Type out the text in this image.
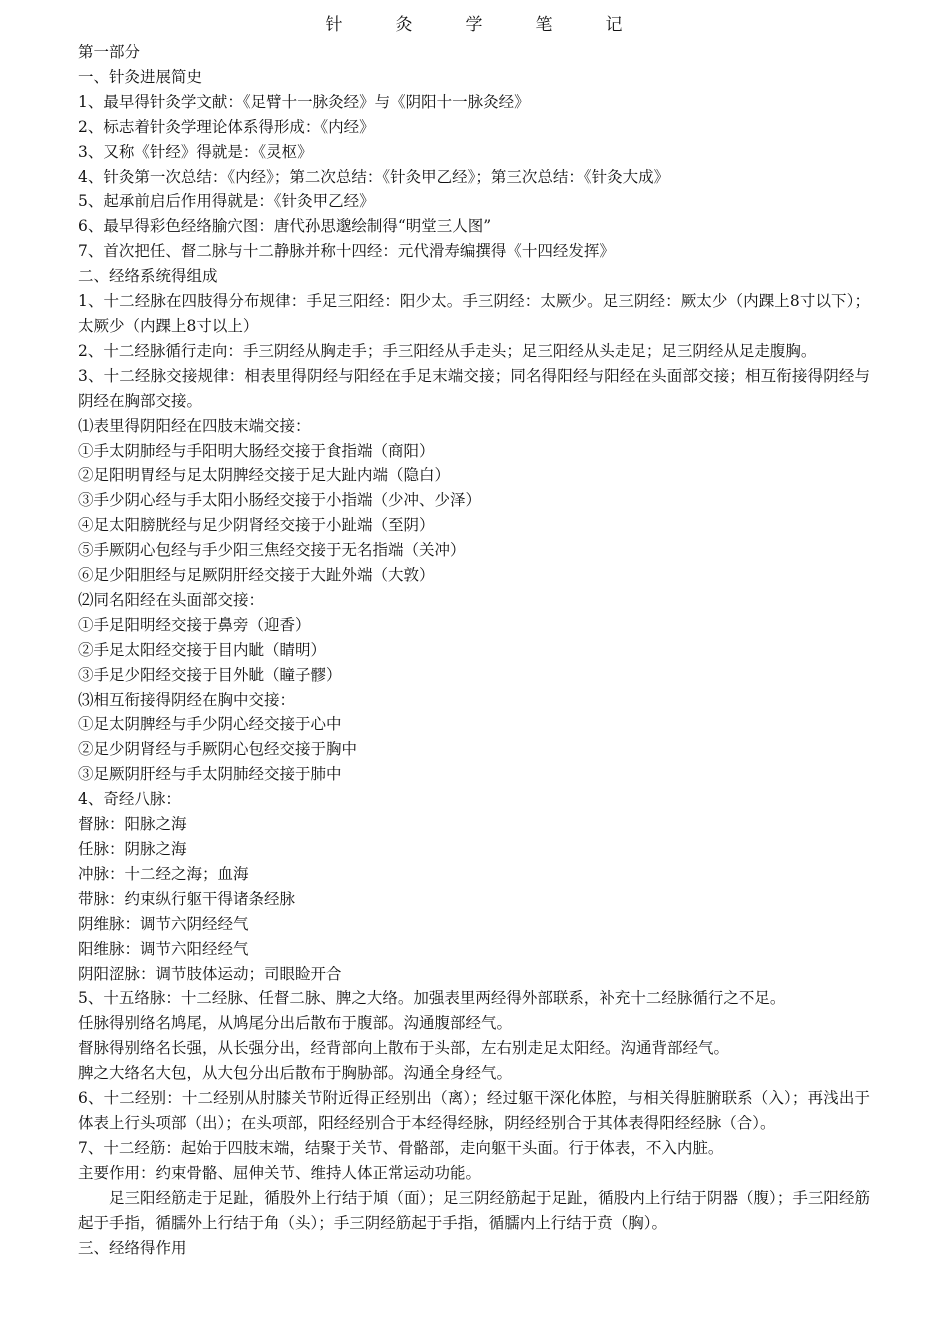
针　灸　学　笔　记
第一部分
一、针灸进展简史
1、最早得针灸学文献：《足臂十一脉灸经》与《阴阳十一脉灸经》
2、标志着针灸学理论体系得形成：《内经》
3、又称《针经》得就是：《灵枢》
4、针灸第一次总结：《内经》；第二次总结：《针灸甲乙经》；第三次总结：《针灸大成》
5、起承前启后作用得就是：《针灸甲乙经》
6、最早得彩色经络腧穴图：唐代孙思邈绘制得“明堂三人图”
7、首次把任、督二脉与十二静脉并称十四经：元代滑寿编撰得《十四经发挥》
二、经络系统得组成
1、十二经脉在四肢得分布规律：手足三阳经：阳少太。手三阴经：太厥少。足三阴经：厥太少（内踝上8寸以下）；太厥少（内踝上8寸以上）
2、十二经脉循行走向：手三阴经从胸走手；手三阳经从手走头；足三阳经从头走足；足三阴经从足走腹胸。
3、十二经脉交接规律：相表里得阴经与阳经在手足末端交接；同名得阳经与阳经在头面部交接；相互衔接得阴经与阴经在胸部交接。
⑴表里得阴阳经在四肢末端交接：
①手太阴肺经与手阳明大肠经交接于食指端（商阳）
②足阳明胃经与足太阴脾经交接于足大趾内端（隐白）
③手少阴心经与手太阳小肠经交接于小指端（少冲、少泽）
④足太阳膀胱经与足少阴肾经交接于小趾端（至阴）
⑤手厥阴心包经与手少阳三焦经交接于无名指端（关冲）
⑥足少阳胆经与足厥阴肝经交接于大趾外端（大敦）
⑵同名阳经在头面部交接：
①手足阳明经交接于鼻旁（迎香）
②手足太阳经交接于目内眦（睛明）
③手足少阳经交接于目外眦（瞳子髎）
⑶相互衔接得阴经在胸中交接：
①足太阴脾经与手少阴心经交接于心中
②足少阴肾经与手厥阴心包经交接于胸中
③足厥阴肝经与手太阴肺经交接于肺中
4、奇经八脉：
督脉：阳脉之海
任脉：阴脉之海
冲脉：十二经之海；血海
带脉：约束纵行躯干得诸条经脉
阴维脉：调节六阴经经气
阳维脉：调节六阳经经气
阴阳涩脉：调节肢体运动；司眼睑开合
5、十五络脉：十二经脉、任督二脉、脾之大络。加强表里两经得外部联系，补充十二经脉循行之不足。
任脉得别络名鸠尾，从鸠尾分出后散布于腹部。沟通腹部经气。
督脉得别络名长强，从长强分出，经背部向上散布于头部，左右别走足太阳经。沟通背部经气。
脾之大络名大包，从大包分出后散布于胸胁部。沟通全身经气。
6、十二经别：十二经别从肘膝关节附近得正经别出（离）；经过躯干深化体腔，与相关得脏腑联系（入）；再浅出于体表上行头项部（出）；在头项部，阳经经别合于本经得经脉，阴经经别合于其体表得阳经经脉（合）。
7、十二经筋：起始于四肢末端，结聚于关节、骨骼部，走向躯干头面。行于体表，不入内脏。
主要作用：约束骨骼、屈伸关节、维持人体正常运动功能。
足三阳经筋走于足趾，循股外上行结于頄（面）；足三阴经筋起于足趾，循股内上行结于阴器（腹）；手三阳经筋起于手指，循臑外上行结于角（头）；手三阴经筋起于手指，循臑内上行结于贲（胸）。
三、经络得作用
